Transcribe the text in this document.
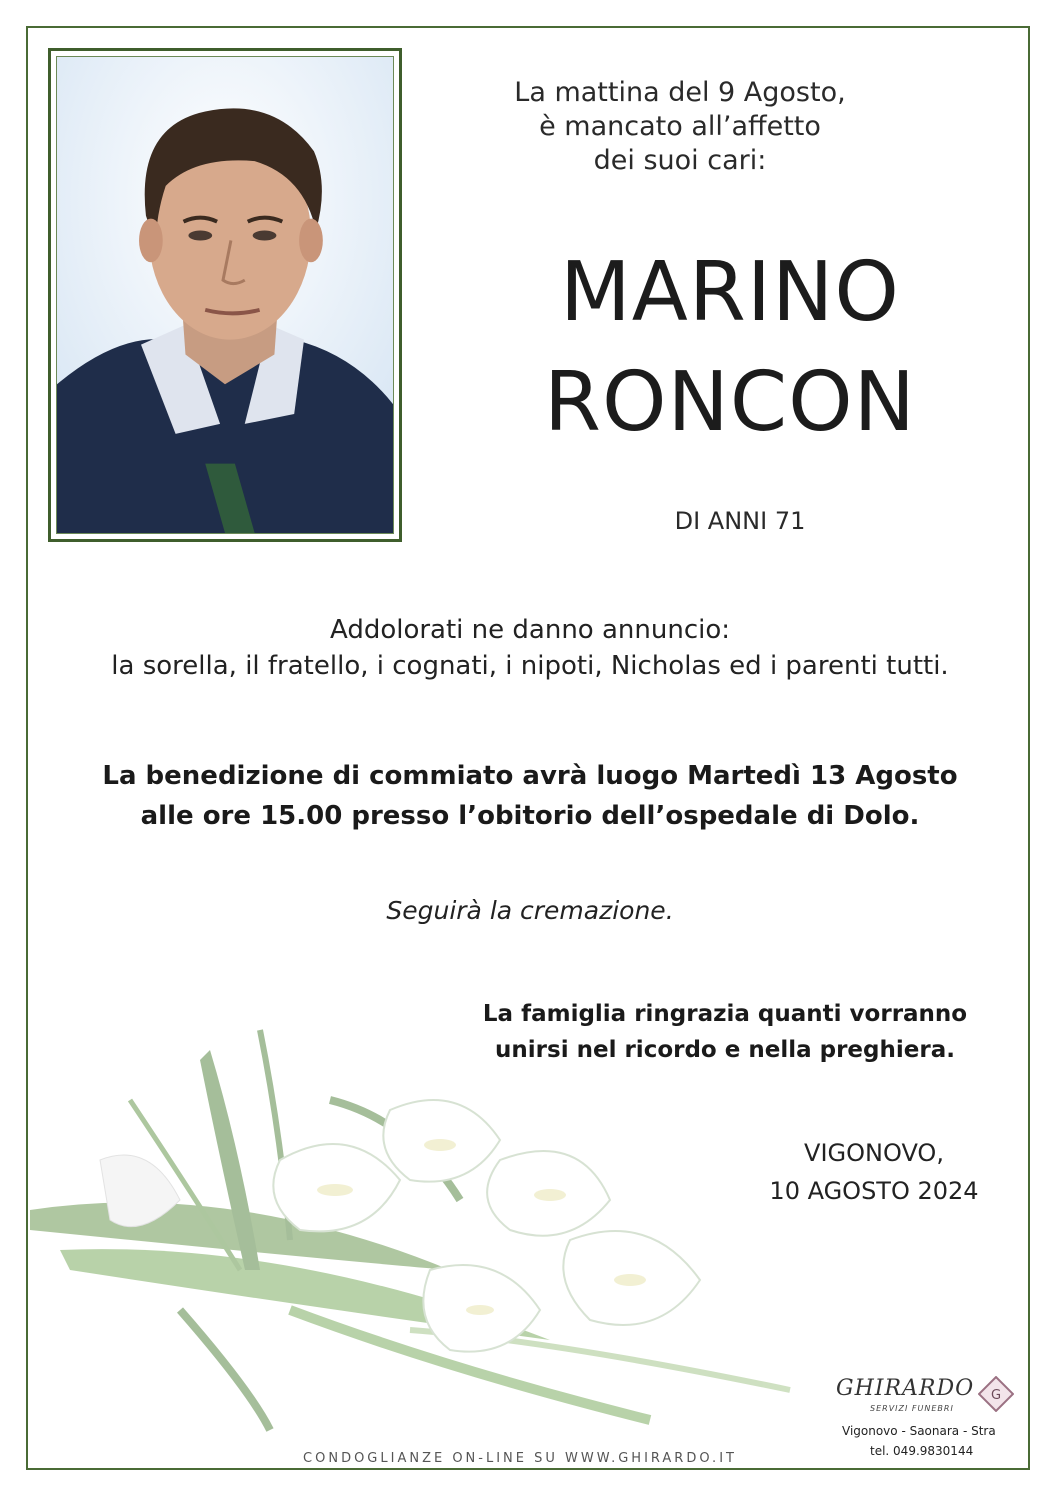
La mattina del 9 Agosto,
è mancato all’affetto
dei suoi cari:
MARINO
RONCON
DI ANNI 71
Addolorati ne danno annuncio:
la sorella, il fratello, i cognati, i nipoti, Nicholas ed i parenti tutti.
La benedizione di commiato avrà luogo Martedì 13 Agosto
alle ore 15.00 presso l’obitorio dell’ospedale di Dolo.
Seguirà la cremazione.
La famiglia ringrazia quanti vorranno
unirsi nel ricordo e nella preghiera.
VIGONOVO,
10 AGOSTO 2024
GHIRARDO
SERVIZI FUNEBRI
G
Vigonovo - Saonara - Stra
tel. 049.9830144
CONDOGLIANZE ON-LINE SU WWW.GHIRARDO.IT
